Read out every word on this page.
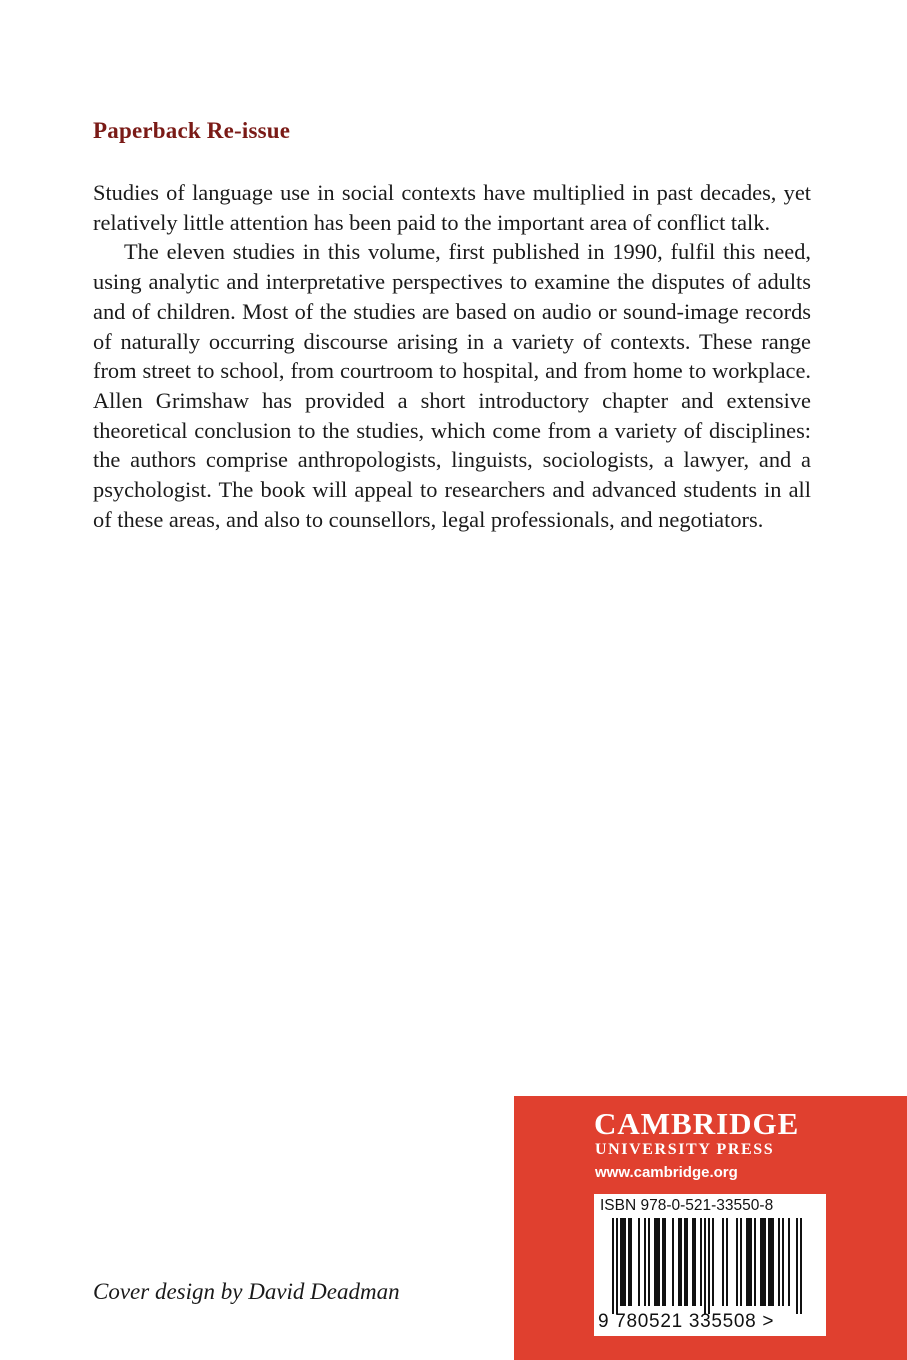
Paperback Re-issue

Studies of language use in social contexts have multiplied in past decades, yet relatively little attention has been paid to the important area of conflict talk.

The eleven studies in this volume, first published in 1990, fulfil this need, using analytic and interpretative perspectives to examine the disputes of adults and of children. Most of the studies are based on audio or sound-image records of naturally occurring discourse arising in a variety of contexts. These range from street to school, from courtroom to hospital, and from home to workplace. Allen Grimshaw has provided a short introductory chapter and extensive theoretical conclusion to the studies, which come from a variety of disciplines: the authors comprise anthropologists, linguists, sociologists, a lawyer, and a psychologist. The book will appeal to researchers and advanced students in all of these areas, and also to counsellors, legal professionals, and negotiators.

Cover design by David Deadman
CAMBRIDGE
UNIVERSITY PRESS
www.cambridge.org
ISBN 978-0-521-33550-8
9 780521 335508 >
